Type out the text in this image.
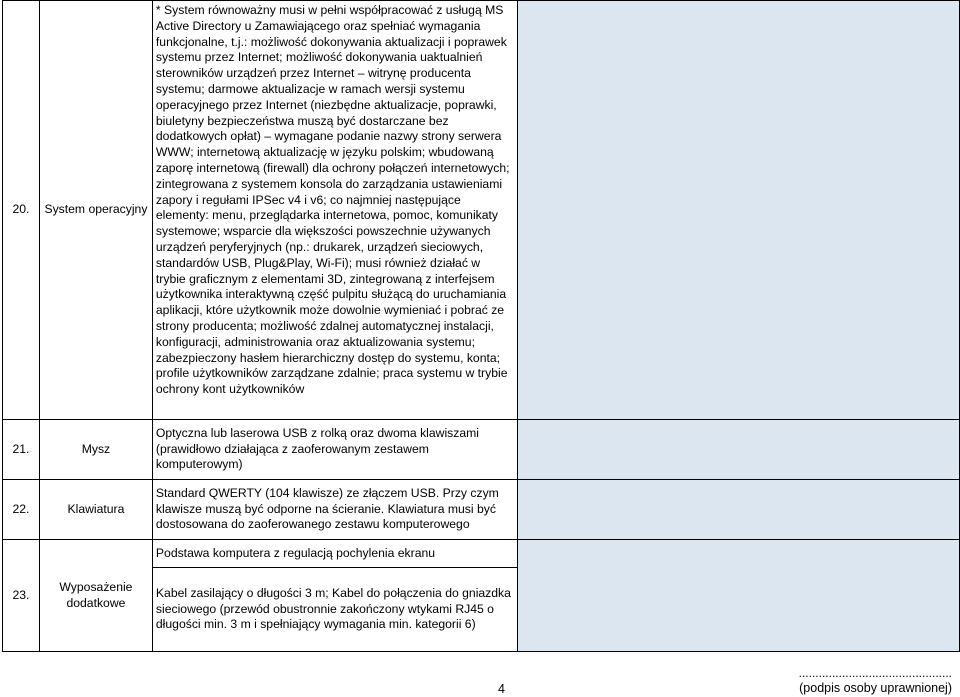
20.	System operacyjny	* System równoważny musi w pełni współpracować z usługą MS Active Directory u Zamawiającego oraz spełniać wymagania funkcjonalne, t.j.: możliwość dokonywania aktualizacji i poprawek systemu przez Internet; możliwość dokonywania uaktualnień sterowników urządzeń przez Internet – witrynę producenta systemu; darmowe aktualizacje w ramach wersji systemu operacyjnego przez Internet (niezbędne aktualizacje, poprawki, biuletyny bezpieczeństwa muszą być dostarczane bez dodatkowych opłat) – wymagane podanie nazwy strony serwera WWW; internetową aktualizację w języku polskim; wbudowaną zaporę internetową (firewall) dla ochrony połączeń internetowych; zintegrowana z systemem konsola do zarządzania ustawieniami zapory i regułami IPSec v4 i v6; co najmniej następujące elementy: menu, przeglądarka internetowa, pomoc, komunikaty systemowe; wsparcie dla większości powszechnie używanych urządzeń peryferyjnych (np.: drukarek, urządzeń sieciowych, standardów USB, Plug&Play, Wi-Fi); musi również działać w trybie graficznym z elementami 3D, zintegrowaną z interfejsem użytkownika interaktywną część pulpitu służącą do uruchamiania aplikacji, które użytkownik może dowolnie wymieniać i pobrać ze strony producenta; możliwość zdalnej automatycznej instalacji, konfiguracji, administrowania oraz aktualizowania systemu; zabezpieczony hasłem hierarchiczny dostęp do systemu, konta; profile użytkowników zarządzane zdalnie; praca systemu w trybie ochrony kont użytkowników	
21.	Mysz	Optyczna lub laserowa USB z rolką oraz dwoma klawiszami (prawidłowo działająca z zaoferowanym zestawem komputerowym)	
22.	Klawiatura	Standard QWERTY (104 klawisze) ze złączem USB. Przy czym klawisze muszą być odporne na ścieranie. Klawiatura musi być dostosowana do zaoferowanego zestawu komputerowego	
23.	Wyposażenie dodatkowe	Podstawa komputera z regulacją pochylenia ekranu	
		Kabel zasilający o długości 3 m; Kabel do połączenia do gniazdka sieciowego (przewód obustronnie zakończony wtykami RJ45 o długości min. 3 m i spełniający wymagania min. kategorii 6)	
4
..............................................
(podpis osoby uprawnionej)
